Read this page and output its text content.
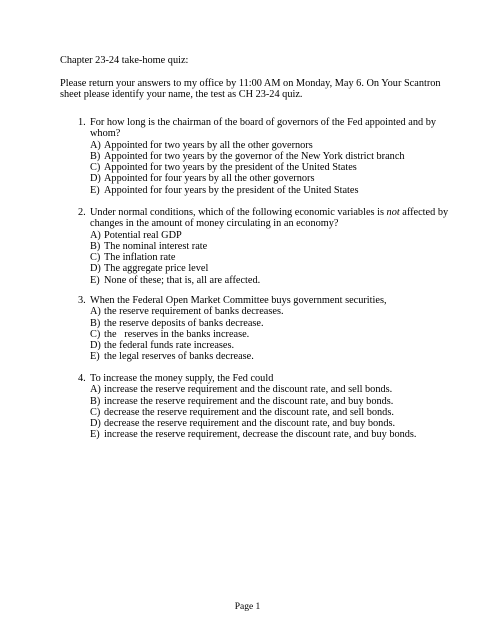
Chapter 23-24 take-home quiz:
Please return your answers to my office by 11:00 AM on Monday, May 6. On Your Scantron
sheet please identify your name, the test as CH 23-24 quiz.
1. For how long is the chairman of the board of governors of the Fed appointed and by
whom?
A) Appointed for two years by all the other governors
B) Appointed for two years by the governor of the New York district branch
C) Appointed for two years by the president of the United States
D) Appointed for four years by all the other governors
E) Appointed for four years by the president of the United States
2. Under normal conditions, which of the following economic variables is not affected by
changes in the amount of money circulating in an economy?
A) Potential real GDP
B) The nominal interest rate
C) The inflation rate
D) The aggregate price level
E) None of these; that is, all are affected.
3. When the Federal Open Market Committee buys government securities,
A) the reserve requirement of banks decreases.
B) the reserve deposits of banks decrease.
C) the   reserves in the banks increase.
D) the federal funds rate increases.
E) the legal reserves of banks decrease.
4. To increase the money supply, the Fed could
A) increase the reserve requirement and the discount rate, and sell bonds.
B) increase the reserve requirement and the discount rate, and buy bonds.
C) decrease the reserve requirement and the discount rate, and sell bonds.
D) decrease the reserve requirement and the discount rate, and buy bonds.
E) increase the reserve requirement, decrease the discount rate, and buy bonds.
Page 1
